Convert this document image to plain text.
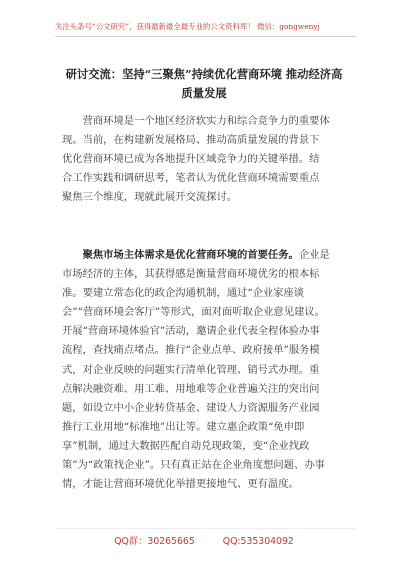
关注头条号“公文研究”，获得最新最全最专业的公文资料库！ 微信：gongwenyj
研讨交流：坚持“三聚焦”持续优化营商环境 推动经济高
质量发展
营商环境是一个地区经济软实力和综合竞争力的重要体
现。当前，在构建新发展格局、推动高质量发展的背景下
优化营商环境已成为各地提升区域竞争力的关键举措。结
合工作实践和调研思考，笔者认为优化营商环境需要重点
聚焦三个维度，现就此展开交流探讨。
聚焦市场主体需求是优化营商环境的首要任务。企业是
市场经济的主体，其获得感是衡量营商环境优劣的根本标
准。要建立常态化的政企沟通机制，通过“企业家座谈
会”“营商环境会客厅”等形式，面对面听取企业意见建议。
开展“营商环境体验官”活动，邀请企业代表全程体验办事
流程，查找痛点堵点。推行“企业点单、政府接单”服务模
式，对企业反映的问题实行清单化管理、销号式办理。重
点解决融资难、用工难、用地难等企业普遍关注的突出问
题，如设立中小企业转贷基金、建设人力资源服务产业园
推行工业用地“标准地”出让等。建立惠企政策“免申即
享”机制，通过大数据匹配自动兑现政策，变“企业找政
策”为“政策找企业”。只有真正站在企业角度想问题、办事
情，才能让营商环境优化举措更接地气、更有温度。
QQ群：30265665	QQ:535304092
